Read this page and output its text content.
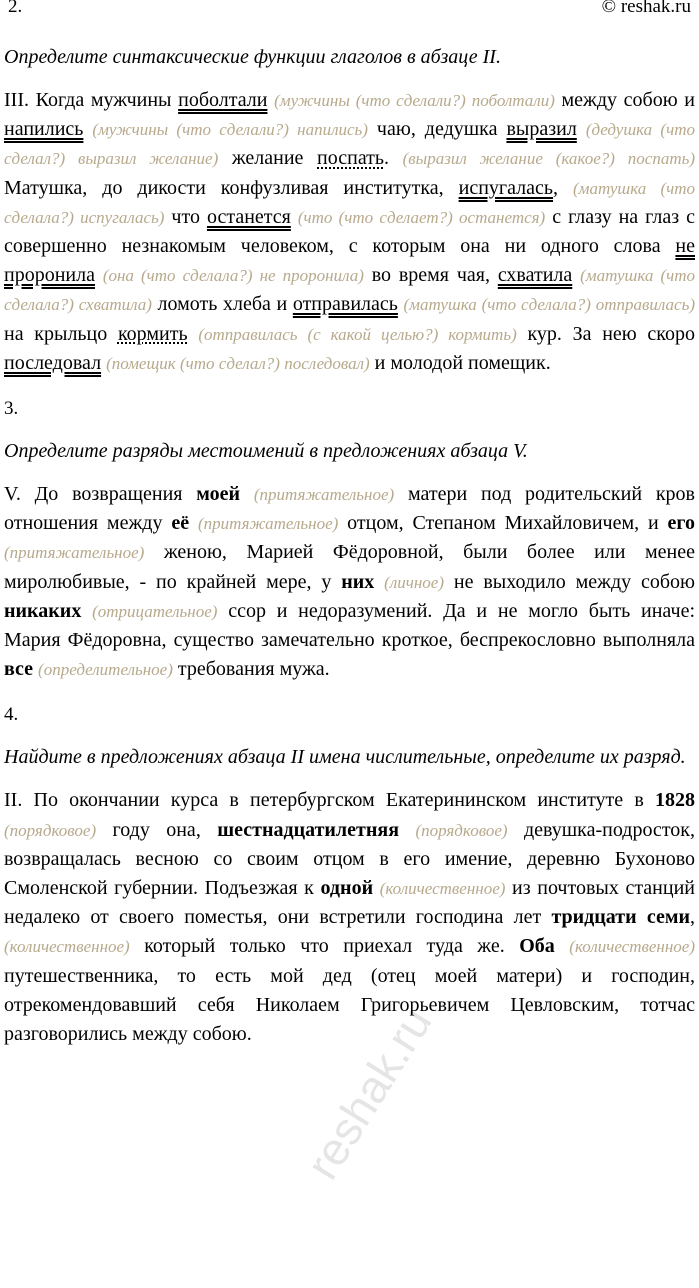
2.	© reshak.ru
Определите синтаксические функции глаголов в абзаце II.

III. Когда мужчины поболтали (мужчины (что сделали?) поболтали) между собою и напились (мужчины (что сделали?) напились) чаю, дедушка выразил (дедушка (что сделал?) выразил желание) желание поспать. (выразил желание (какое?) поспать) Матушка, до дикости конфузливая институтка, испугалась, (матушка (что сделала?) испугалась) что останется (что (что сделает?) останется) с глазу на глаз с совершенно незнакомым человеком, с которым она ни одного слова не проронила (она (что сделала?) не проронила) во время чая, схватила (матушка (что сделала?) схватила) ломоть хлеба и отправилась (матушка (что сделала?) отправилась) на крыльцо кормить (отправилась (с какой целью?) кормить) кур. За нею скоро последовал (помещик (что сделал?) последовал) и молодой помещик.

3.
Определите разряды местоимений в предложениях абзаца V.

V. До возвращения моей (притяжательное) матери под родительский кров отношения между её (притяжательное) отцом, Степаном Михайловичем, и его (притяжательное) женою, Марией Фёдоровной, были более или менее миролюбивые, - по крайней мере, у них (личное) не выходило между собою никаких (отрицательное) ссор и недоразумений. Да и не могло быть иначе: Мария Фёдоровна, существо замечательно кроткое, беспрекословно выполняла все (определительное) требования мужа.

4.
Найдите в предложениях абзаца II имена числительные, определите их разряд.

II. По окончании курса в петербургском Екатерининском институте в 1828 (порядковое) году она, шестнадцатилетняя (порядковое) девушка-подросток, возвращалась весною со своим отцом в его имение, деревню Бухоново Смоленской губернии. Подъезжая к одной (количественное) из почтовых станций недалеко от своего поместья, они встретили господина лет тридцати семи, (количественное) который только что приехал туда же. Оба (количественное) путешественника, то есть мой дед (отец моей матери) и господин, отрекомендовавший себя Николаем Григорьевичем Цевловским, тотчас разговорились между собою. reshak.ru
